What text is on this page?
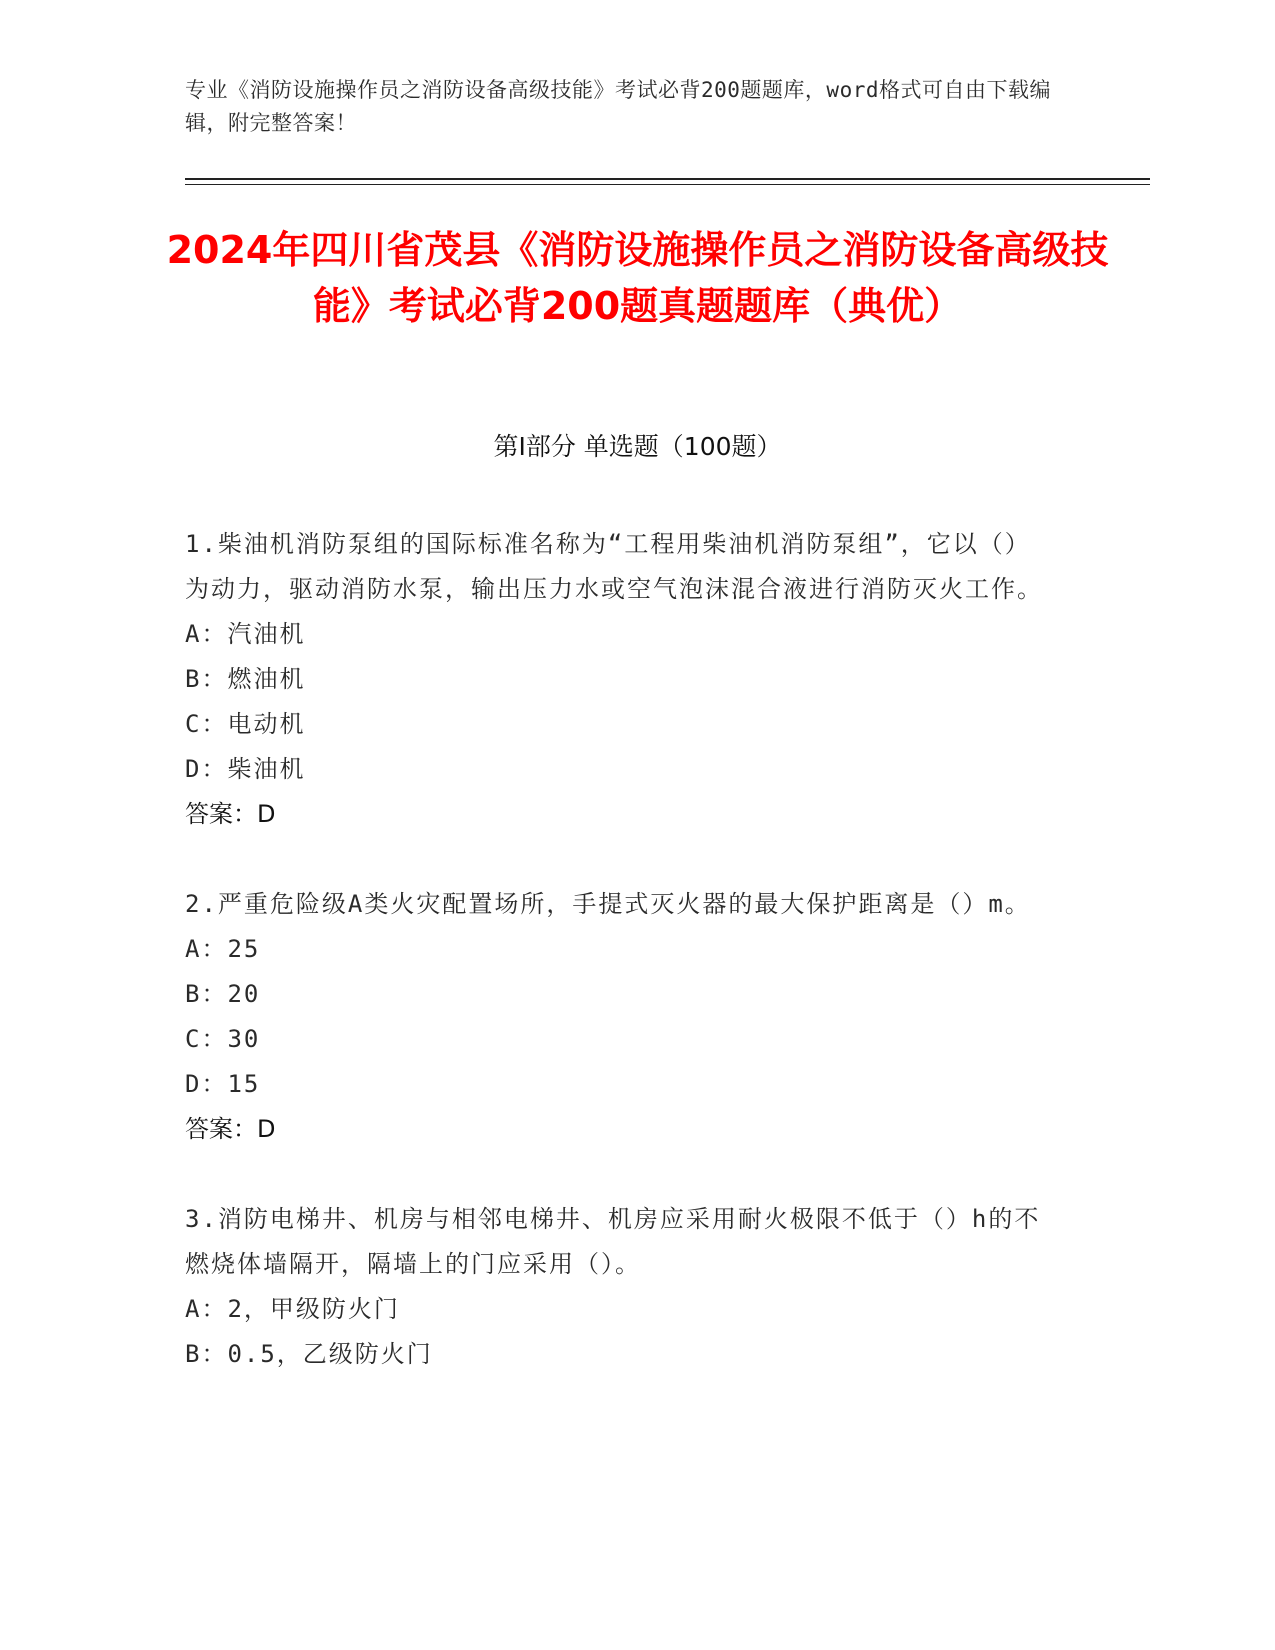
专业《消防设施操作员之消防设备高级技能》考试必背200题题库，word格式可自由下载编辑，附完整答案！
2024年四川省茂县《消防设施操作员之消防设备高级技能》考试必背200题真题题库（典优）
第I部分 单选题（100题）
1.柴油机消防泵组的国际标准名称为“工程用柴油机消防泵组”，它以（）为动力，驱动消防水泵，输出压力水或空气泡沫混合液进行消防灭火工作。
A：汽油机
B：燃油机
C：电动机
D：柴油机
答案：D
2.严重危险级A类火灾配置场所，手提式灭火器的最大保护距离是（）m。
A：25
B：20
C：30
D：15
答案：D
3.消防电梯井、机房与相邻电梯井、机房应采用耐火极限不低于（）h的不燃烧体墙隔开，隔墙上的门应采用（）。
A：2，甲级防火门
B：0.5，乙级防火门
